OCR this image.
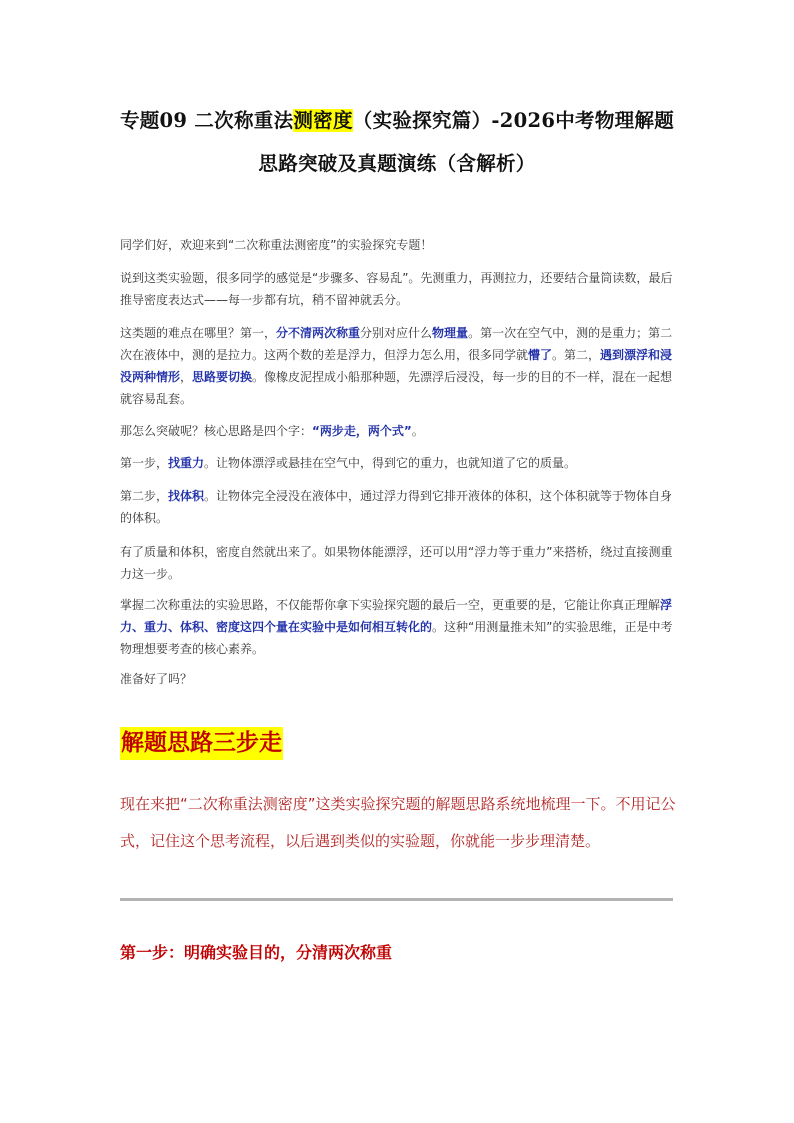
专题09 二次称重法测密度（实验探究篇）-2026中考物理解题
思路突破及真题演练（含解析）

同学们好，欢迎来到“二次称重法测密度”的实验探究专题！

说到这类实验题，很多同学的感觉是“步骤多、容易乱”。先测重力，再测拉力，还要结合量筒读数，最后推导密度表达式——每一步都有坑，稍不留神就丢分。

这类题的难点在哪里？第一，分不清两次称重分别对应什么物理量。第一次在空气中，测的是重力；第二次在液体中，测的是拉力。这两个数的差是浮力，但浮力怎么用，很多同学就懵了。第二，遇到漂浮和浸没两种情形，思路要切换。像橡皮泥捏成小船那种题，先漂浮后浸没，每一步的目的不一样，混在一起想就容易乱套。

那怎么突破呢？核心思路是四个字：“两步走，两个式”。

第一步，找重力。让物体漂浮或悬挂在空气中，得到它的重力，也就知道了它的质量。

第二步，找体积。让物体完全浸没在液体中，通过浮力得到它排开液体的体积，这个体积就等于物体自身的体积。

有了质量和体积，密度自然就出来了。如果物体能漂浮，还可以用“浮力等于重力”来搭桥，绕过直接测重力这一步。

掌握二次称重法的实验思路，不仅能帮你拿下实验探究题的最后一空，更重要的是，它能让你真正理解浮力、重力、体积、密度这四个量在实验中是如何相互转化的。这种“用测量推未知”的实验思维，正是中考物理想要考查的核心素养。

准备好了吗？

解题思路三步走

现在来把“二次称重法测密度”这类实验探究题的解题思路系统地梳理一下。不用记公式，记住这个思考流程，以后遇到类似的实验题，你就能一步步理清楚。

第一步：明确实验目的，分清两次称重
